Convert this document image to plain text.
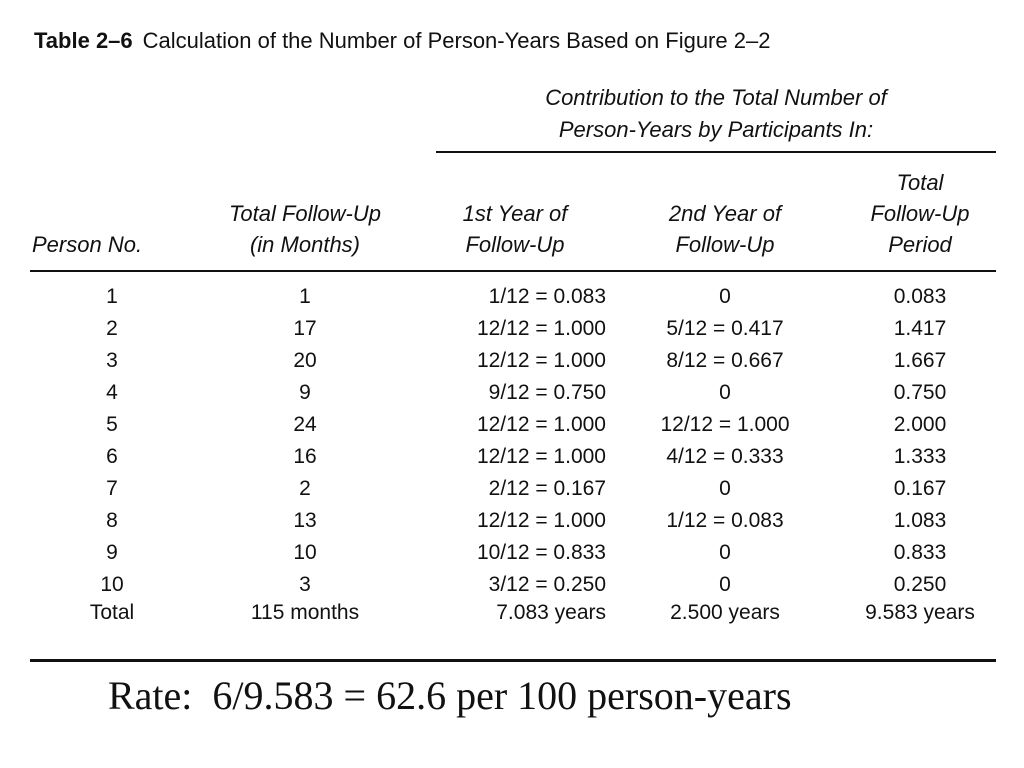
Table 2–6 Calculation of the Number of Person-Years Based on Figure 2–2
Contribution to the Total Number of
Person-Years by Participants In:
Person No.
Total Follow-Up
(in Months)
1st Year of
Follow-Up
2nd Year of
Follow-Up
Total
Follow-Up
Period
1	1	1/12 = 0.083	0	0.083
2	17	12/12 = 1.000	5/12 = 0.417	1.417
3	20	12/12 = 1.000	8/12 = 0.667	1.667
4	9	9/12 = 0.750	0	0.750
5	24	12/12 = 1.000	12/12 = 1.000	2.000
6	16	12/12 = 1.000	4/12 = 0.333	1.333
7	2	2/12 = 0.167	0	0.167
8	13	12/12 = 1.000	1/12 = 0.083	1.083
9	10	10/12 = 0.833	0	0.833
10	3	3/12 = 0.250	0	0.250
Total	115 months	7.083 years	2.500 years	9.583 years
Rate:  6/9.583 = 62.6 per 100 person-years
